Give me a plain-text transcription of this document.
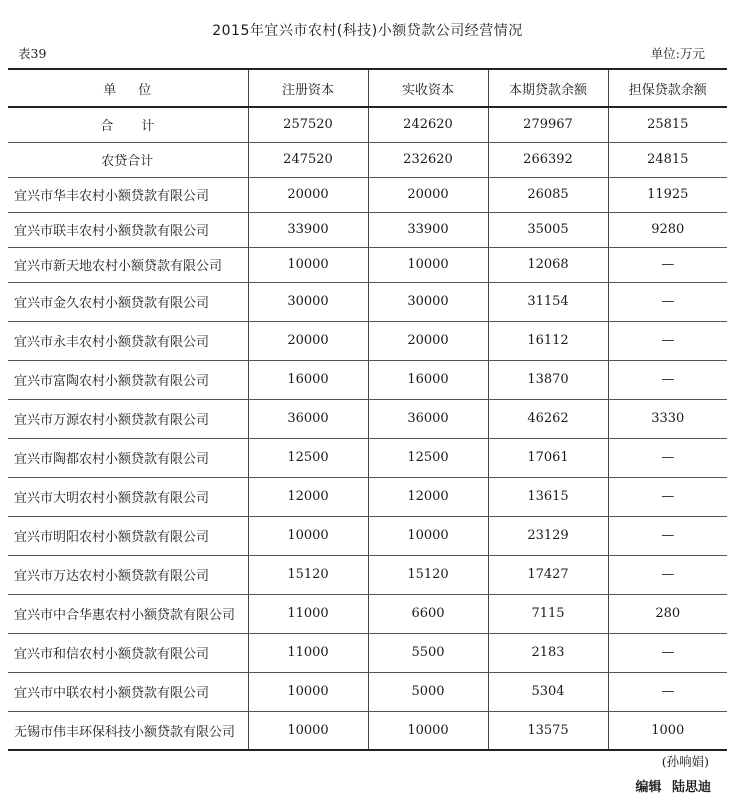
2015年宜兴市农村(科技)小额贷款公司经营情况
表39	单位:万元
单位	注册资本	实收资本	本期贷款余额	担保贷款余额
合计	257520	242620	279967	25815
农贷合计	247520	232620	266392	24815
宜兴市华丰农村小额贷款有限公司	20000	20000	26085	11925
宜兴市联丰农村小额贷款有限公司	33900	33900	35005	9280
宜兴市新天地农村小额贷款有限公司	10000	10000	12068	—
宜兴市金久农村小额贷款有限公司	30000	30000	31154	—
宜兴市永丰农村小额贷款有限公司	20000	20000	16112	—
宜兴市富陶农村小额贷款有限公司	16000	16000	13870	—
宜兴市万源农村小额贷款有限公司	36000	36000	46262	3330
宜兴市陶都农村小额贷款有限公司	12500	12500	17061	—
宜兴市大明农村小额贷款有限公司	12000	12000	13615	—
宜兴市明阳农村小额贷款有限公司	10000	10000	23129	—
宜兴市万达农村小额贷款有限公司	15120	15120	17427	—
宜兴市中合华惠农村小额贷款有限公司	11000	6600	7115	280
宜兴市和信农村小额贷款有限公司	11000	5500	2183	—
宜兴市中联农村小额贷款有限公司	10000	5000	5304	—
无锡市伟丰环保科技小额贷款有限公司	10000	10000	13575	1000
(孙响娟)
编辑 陆思迪
